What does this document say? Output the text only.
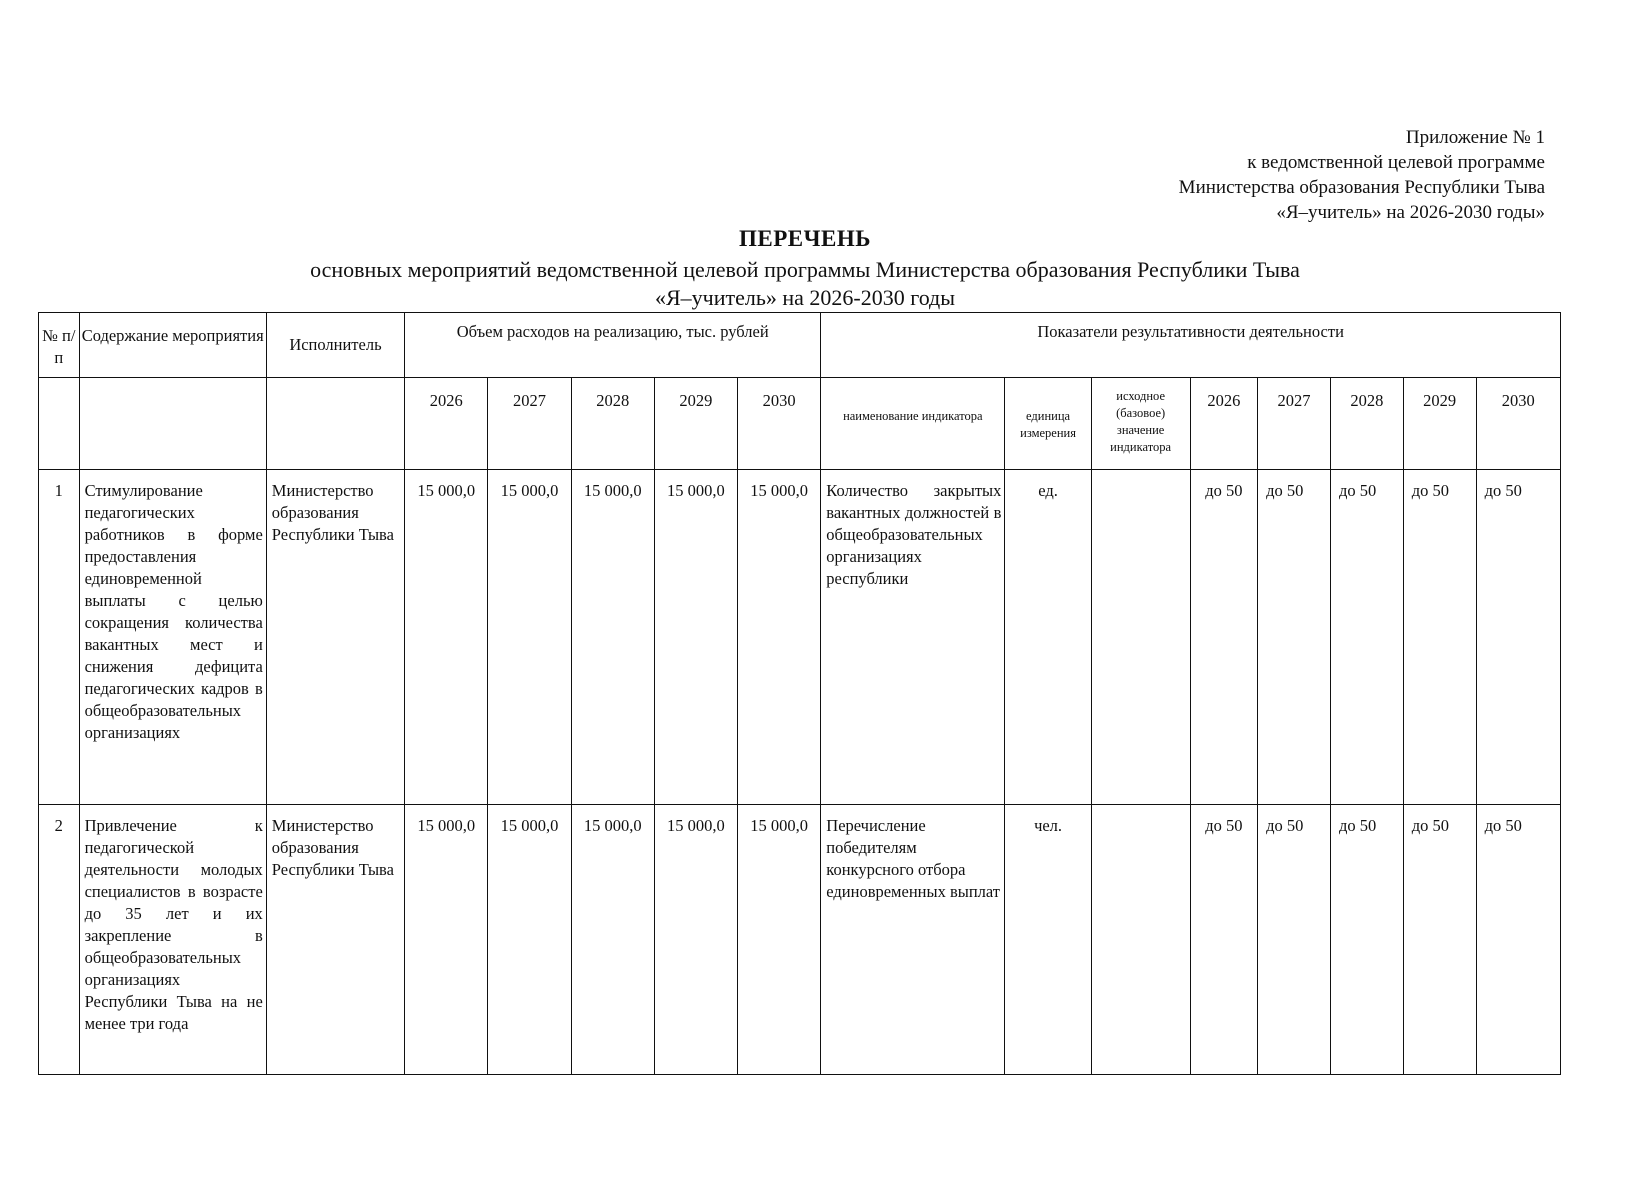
Приложение № 1
к ведомственной целевой программе
Министерства образования Республики Тыва
«Я–учитель» на 2026-2030 годы»
ПЕРЕЧЕНЬ
основных мероприятий ведомственной целевой программы Министерства образования Республики Тыва
«Я–учитель» на 2026-2030 годы
№ п/п	Содержание мероприятия	Исполнитель	Объем расходов на реализацию, тыс. рублей					Показатели результативности деятельности							
			2026	2027	2028	2029	2030	наименование индикатора	единица измерения	исходное (базовое) значение индикатора	2026	2027	2028	2029	2030
1	Стимулирование педагогических работников в форме предоставления единовременной выплаты с целью сокращения количества вакантных мест и снижения дефицита педагогических кадров в общеобразовательных организациях	Министерство образования Республики Тыва	15 000,0	15 000,0	15 000,0	15 000,0	15 000,0	Количество закрытых вакантных должностей в общеобразовательных организациях республики	ед.		до 50	до 50	до 50	до 50	до 50
2	Привлечение к педагогической деятельности молодых специалистов в возрасте до 35 лет и их закрепление в общеобразовательных организациях Республики Тыва на не менее три года	Министерство образования Республики Тыва	15 000,0	15 000,0	15 000,0	15 000,0	15 000,0	Перечисление победителям конкурсного отбора единовременных выплат	чел.		до 50	до 50	до 50	до 50	до 50
